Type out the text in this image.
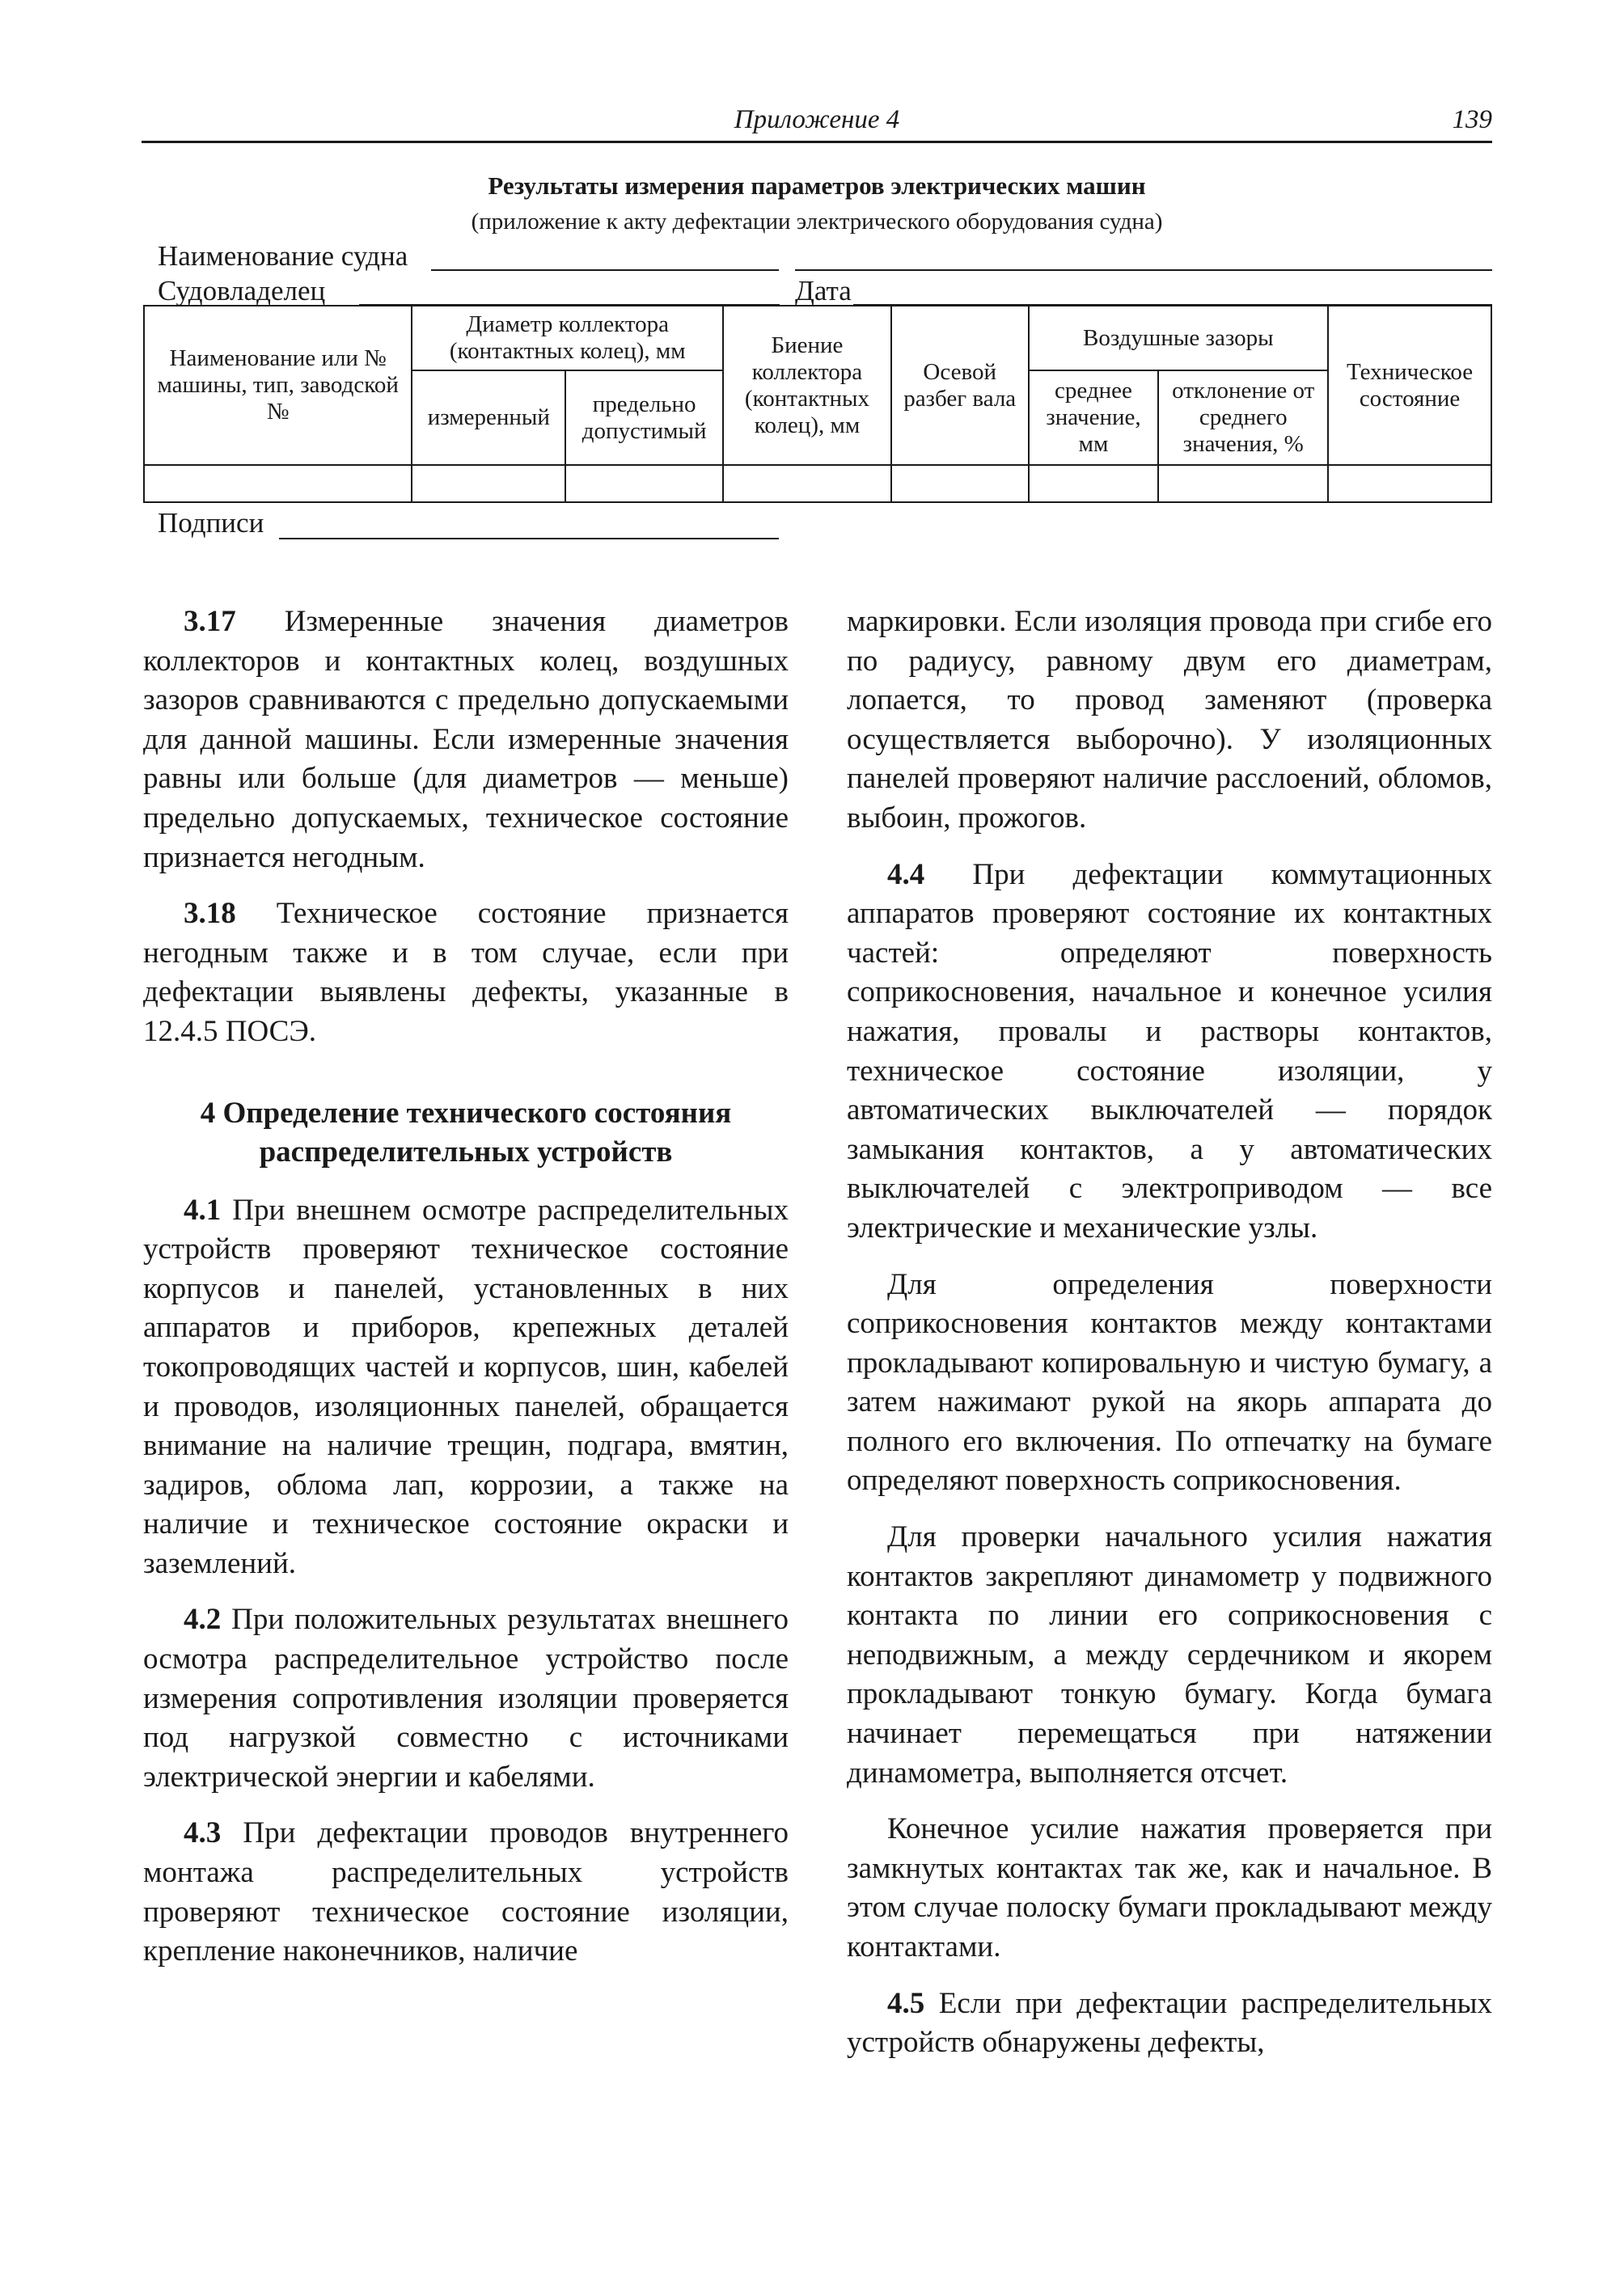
Приложение 4	139
Результаты измерения параметров электрических машин
(приложение к акту дефектации электрического оборудования судна)
Наименование судна
Судовладелец	Дата
Наименование или № машины, тип, заводской №	Диаметр коллектора (контактных колец), мм		Биение коллектора (контактных колец), мм	Осевой разбег вала	Воздушные зазоры		Техническое состояние
	измеренный	предельно допустимый			среднее значение, мм	отклонение от среднего значения, %	

Подписи

3.17 Измеренные значения диаметров коллекторов и контактных колец, воздушных зазоров сравниваются с предельно допускаемыми для данной машины. Если измеренные значения равны или больше (для диаметров — меньше) предельно допускаемых, техническое состояние признается негодным.

3.18 Техническое состояние признается негодным также и в том случае, если при дефектации выявлены дефекты, указанные в 12.4.5 ПОСЭ.

4 Определение технического состояния распределительных устройств

4.1 При внешнем осмотре распределительных устройств проверяют техническое состояние корпусов и панелей, установленных в них аппаратов и приборов, крепежных деталей токопроводящих частей и корпусов, шин, кабелей и проводов, изоляционных панелей, обращается внимание на наличие трещин, подгара, вмятин, задиров, облома лап, коррозии, а также на наличие и техническое состояние окраски и заземлений.

4.2 При положительных результатах внешнего осмотра распределительное устройство после измерения сопротивления изоляции проверяется под нагрузкой совместно с источниками электрической энергии и кабелями.

4.3 При дефектации проводов внутреннего монтажа распределительных устройств проверяют техническое состояние изоляции, крепление наконечников, наличие

маркировки. Если изоляция провода при сгибе его по радиусу, равному двум его диаметрам, лопается, то провод заменяют (проверка осуществляется выборочно). У изоляционных панелей проверяют наличие расслоений, обломов, выбоин, прожогов.

4.4 При дефектации коммутационных аппаратов проверяют состояние их контактных частей: определяют поверхность соприкосновения, начальное и конечное усилия нажатия, провалы и растворы контактов, техническое состояние изоляции, у автоматических выключателей — порядок замыкания контактов, а у автоматических выключателей с электроприводом — все электрические и механические узлы.

Для определения поверхности соприкосновения контактов между контактами прокладывают копировальную и чистую бумагу, а затем нажимают рукой на якорь аппарата до полного его включения. По отпечатку на бумаге определяют поверхность соприкосновения.

Для проверки начального усилия нажатия контактов закрепляют динамометр у подвижного контакта по линии его соприкосновения с неподвижным, а между сердечником и якорем прокладывают тонкую бумагу. Когда бумага начинает перемещаться при натяжении динамометра, выполняется отсчет.

Конечное усилие нажатия проверяется при замкнутых контактах так же, как и начальное. В этом случае полоску бумаги прокладывают между контактами.

4.5 Если при дефектации распределительных устройств обнаружены дефекты,
